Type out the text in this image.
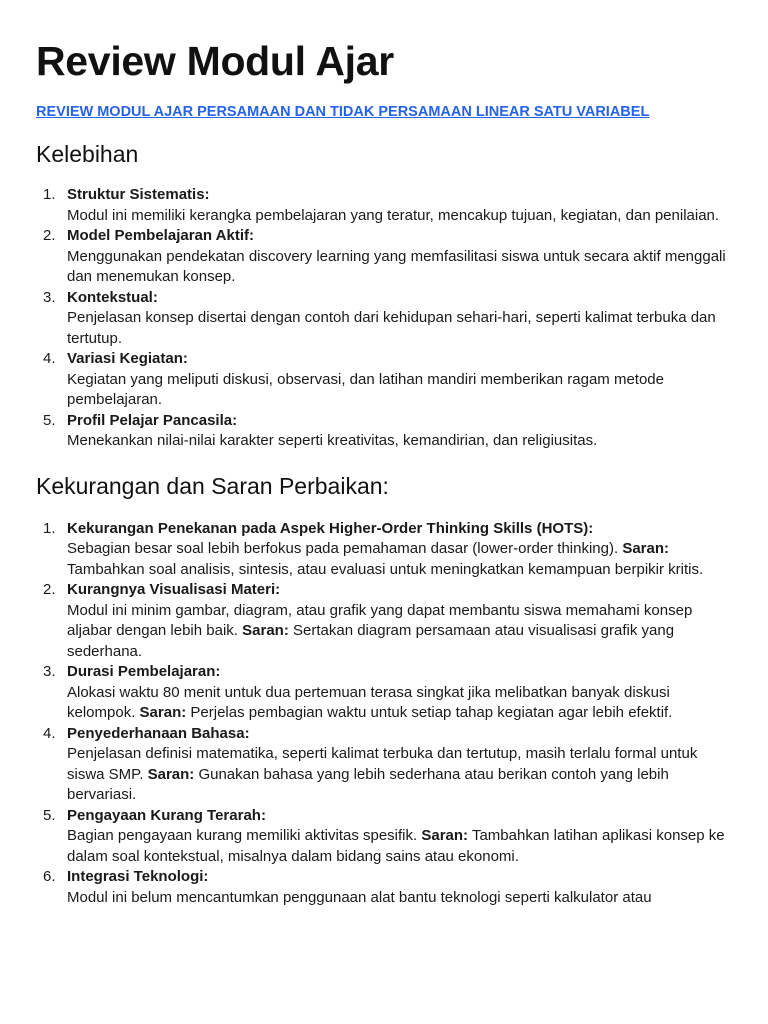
Review Modul Ajar
REVIEW MODUL AJAR PERSAMAAN DAN TIDAK PERSAMAAN LINEAR SATU VARIABEL
Kelebihan
1. Struktur Sistematis:
Modul ini memiliki kerangka pembelajaran yang teratur, mencakup tujuan, kegiatan, dan penilaian.
2. Model Pembelajaran Aktif:
Menggunakan pendekatan discovery learning yang memfasilitasi siswa untuk secara aktif menggali dan menemukan konsep.
3. Kontekstual:
Penjelasan konsep disertai dengan contoh dari kehidupan sehari-hari, seperti kalimat terbuka dan tertutup.
4. Variasi Kegiatan:
Kegiatan yang meliputi diskusi, observasi, dan latihan mandiri memberikan ragam metode pembelajaran.
5. Profil Pelajar Pancasila:
Menekankan nilai-nilai karakter seperti kreativitas, kemandirian, dan religiusitas.
Kekurangan dan Saran Perbaikan:
1. Kekurangan Penekanan pada Aspek Higher-Order Thinking Skills (HOTS):
Sebagian besar soal lebih berfokus pada pemahaman dasar (lower-order thinking). Saran: Tambahkan soal analisis, sintesis, atau evaluasi untuk meningkatkan kemampuan berpikir kritis.
2. Kurangnya Visualisasi Materi:
Modul ini minim gambar, diagram, atau grafik yang dapat membantu siswa memahami konsep aljabar dengan lebih baik. Saran: Sertakan diagram persamaan atau visualisasi grafik yang sederhana.
3. Durasi Pembelajaran:
Alokasi waktu 80 menit untuk dua pertemuan terasa singkat jika melibatkan banyak diskusi kelompok. Saran: Perjelas pembagian waktu untuk setiap tahap kegiatan agar lebih efektif.
4. Penyederhanaan Bahasa:
Penjelasan definisi matematika, seperti kalimat terbuka dan tertutup, masih terlalu formal untuk siswa SMP. Saran: Gunakan bahasa yang lebih sederhana atau berikan contoh yang lebih bervariasi.
5. Pengayaan Kurang Terarah:
Bagian pengayaan kurang memiliki aktivitas spesifik. Saran: Tambahkan latihan aplikasi konsep ke dalam soal kontekstual, misalnya dalam bidang sains atau ekonomi.
6. Integrasi Teknologi:
Modul ini belum mencantumkan penggunaan alat bantu teknologi seperti kalkulator atau
